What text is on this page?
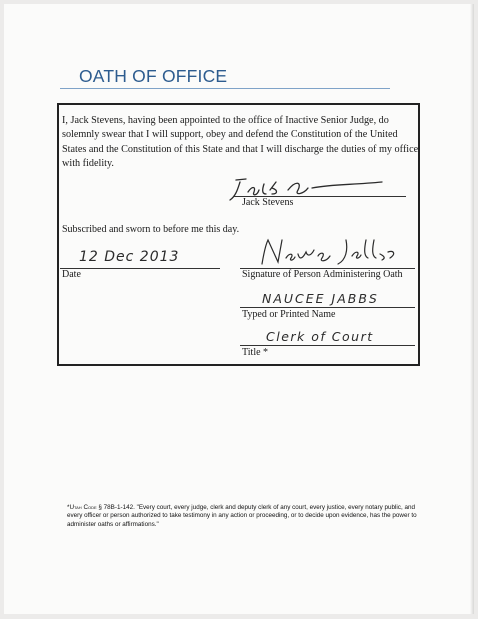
OATH OF OFFICE

I, Jack Stevens, having been appointed to the office of Inactive Senior Judge, do solemnly swear that I will support, obey and defend the Constitution of the United States and the Constitution of this State and that I will discharge the duties of my office with fidelity.

Jack Stevens

Subscribed and sworn to before me this day.

12 Dec 2013

Date	Signature of Person Administering Oath

NAUCEE JABBS

Typed or Printed Name

Clerk of Court

Title *

*Utah Code § 78B-1-142. "Every court, every judge, clerk and deputy clerk of any court, every justice, every notary public, and every officer or person authorized to take testimony in any action or proceeding, or to decide upon evidence, has the power to administer oaths or affirmations."
